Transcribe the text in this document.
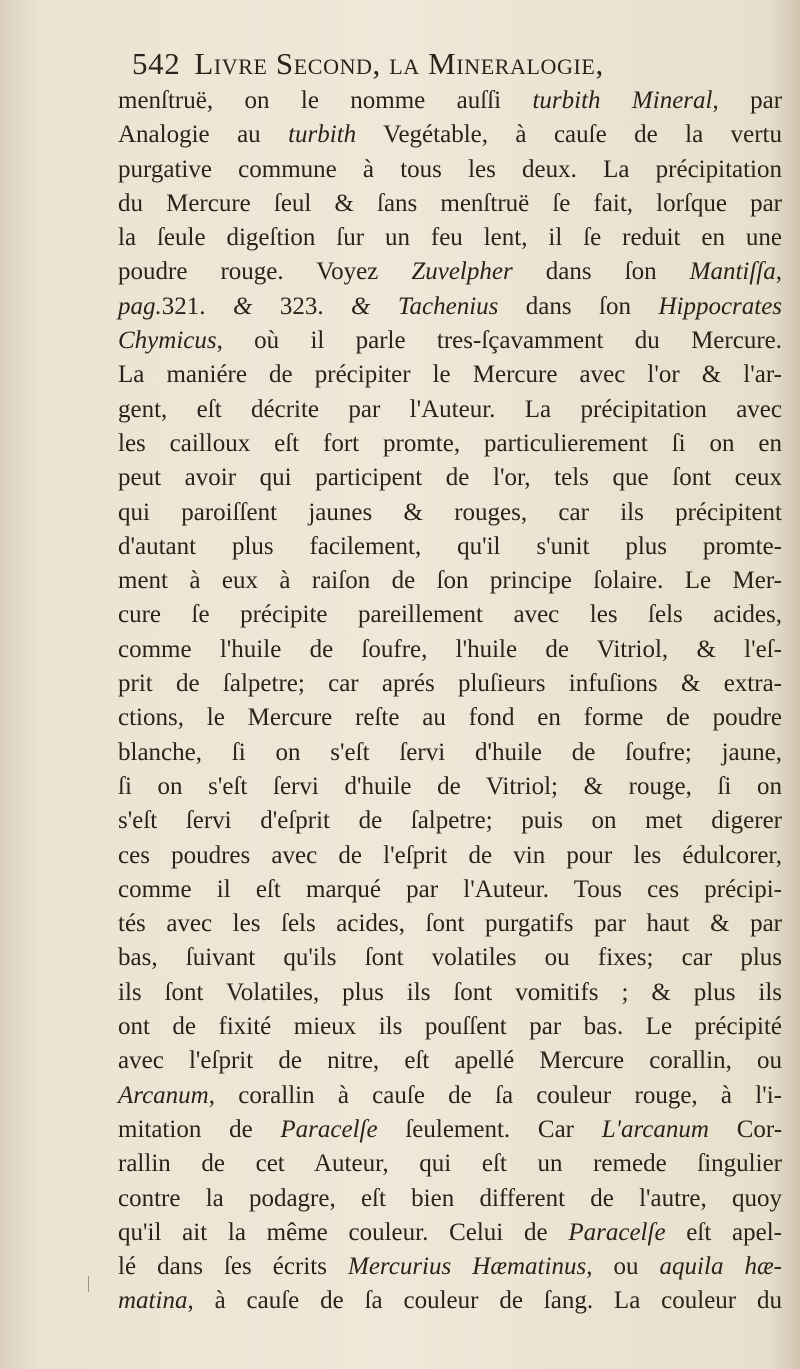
542 Livre Second, la Mineralogie,
menſtruë, on le nomme auſſi turbith Mineral, par
Analogie au turbith Vegétable, à cauſe de la vertu
purgative commune à tous les deux. La précipitation
du Mercure ſeul & ſans menſtruë ſe fait, lorſque par
la ſeule digeſtion ſur un feu lent, il ſe reduit en une
poudre rouge. Voyez Zuvelpher dans ſon Mantiſſa,
pag.321. & 323. & Tachenius dans ſon Hippocrates
Chymicus, où il parle tres-ſçavamment du Mercure.
La maniére de précipiter le Mercure avec l'or & l'ar-
gent, eſt décrite par l'Auteur. La précipitation avec
les cailloux eſt fort promte, particulierement ſi on en
peut avoir qui participent de l'or, tels que ſont ceux
qui paroiſſent jaunes & rouges, car ils précipitent
d'autant plus facilement, qu'il s'unit plus promte-
ment à eux à raiſon de ſon principe ſolaire. Le Mer-
cure ſe précipite pareillement avec les ſels acides,
comme l'huile de ſoufre, l'huile de Vitriol, & l'eſ-
prit de ſalpetre; car aprés pluſieurs infuſions & extra-
ctions, le Mercure reſte au fond en forme de poudre
blanche, ſi on s'eſt ſervi d'huile de ſoufre; jaune,
ſi on s'eſt ſervi d'huile de Vitriol; & rouge, ſi on
s'eſt ſervi d'eſprit de ſalpetre; puis on met digerer
ces poudres avec de l'eſprit de vin pour les édulcorer,
comme il eſt marqué par l'Auteur. Tous ces précipi-
tés avec les ſels acides, ſont purgatifs par haut & par
bas, ſuivant qu'ils ſont volatiles ou fixes; car plus
ils ſont Volatiles, plus ils ſont vomitifs ; & plus ils
ont de fixité mieux ils pouſſent par bas. Le précipité
avec l'eſprit de nitre, eſt apellé Mercure corallin, ou
Arcanum, corallin à cauſe de ſa couleur rouge, à l'i-
mitation de Paracelſe ſeulement. Car L'arcanum Cor-
rallin de cet Auteur, qui eſt un remede ſingulier
contre la podagre, eſt bien different de l'autre, quoy
qu'il ait la même couleur. Celui de Paracelſe eſt apel-
lé dans ſes écrits Mercurius Hæmatinus, ou aquila hæ-
matina, à cauſe de ſa couleur de ſang. La couleur du
